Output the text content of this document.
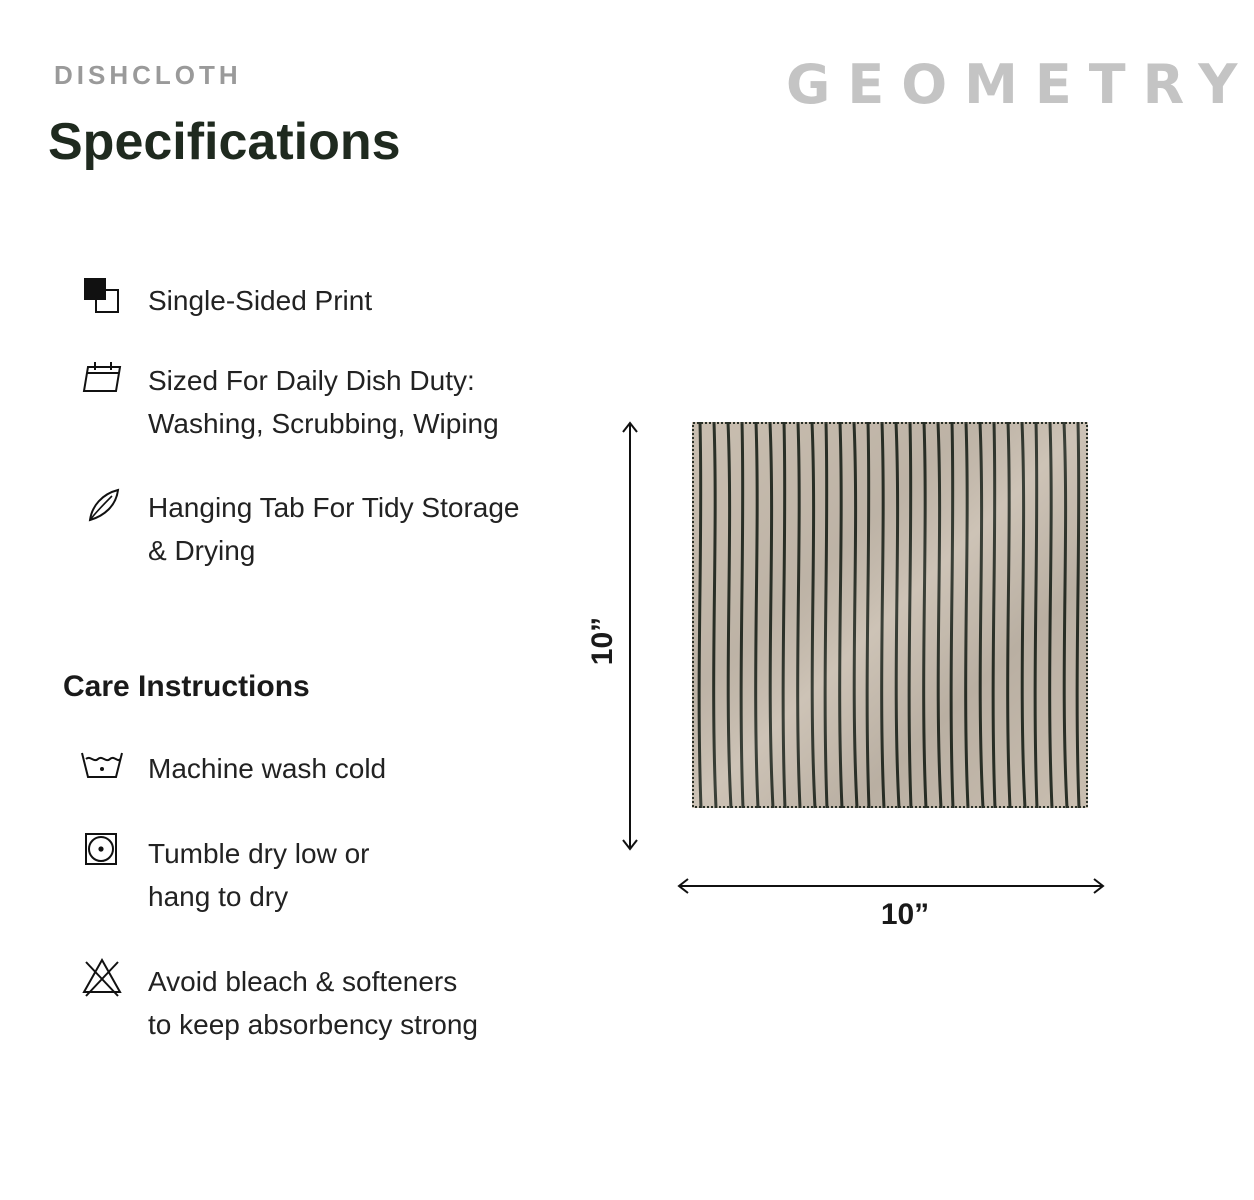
DISHCLOTH	GEOMETRY
Specifications
Single-Sided Print
Sized For Daily Dish Duty:
Washing, Scrubbing, Wiping
Hanging Tab For Tidy Storage
& Drying
Care Instructions
Machine wash cold
Tumble dry low or
hang to dry
Avoid bleach & softeners
to keep absorbency strong
10”
10”
